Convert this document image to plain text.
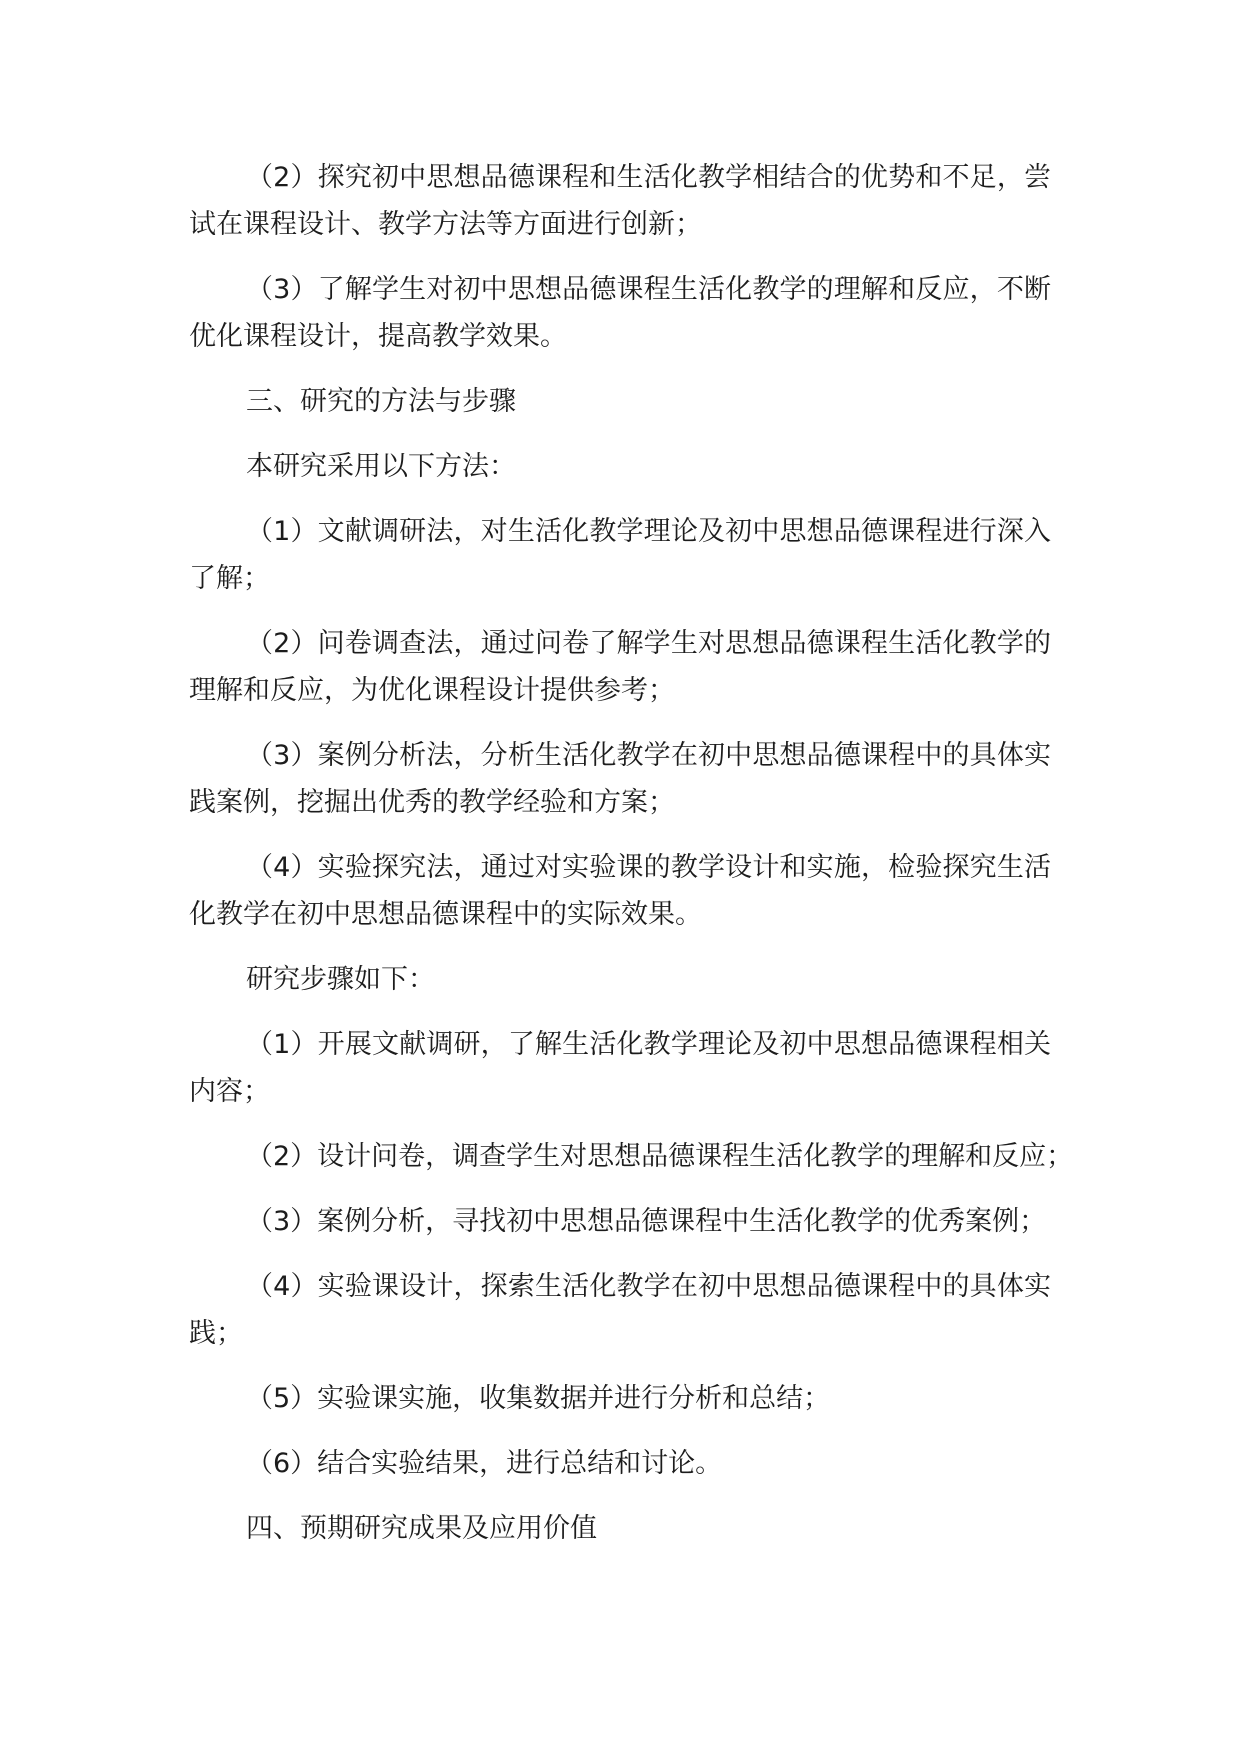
（2）探究初中思想品德课程和生活化教学相结合的优势和不足，尝
试在课程设计、教学方法等方面进行创新；
（3）了解学生对初中思想品德课程生活化教学的理解和反应，不断
优化课程设计，提高教学效果。
三、研究的方法与步骤
本研究采用以下方法：
（1）文献调研法，对生活化教学理论及初中思想品德课程进行深入
了解；
（2）问卷调查法，通过问卷了解学生对思想品德课程生活化教学的
理解和反应，为优化课程设计提供参考；
（3）案例分析法，分析生活化教学在初中思想品德课程中的具体实
践案例，挖掘出优秀的教学经验和方案；
（4）实验探究法，通过对实验课的教学设计和实施，检验探究生活
化教学在初中思想品德课程中的实际效果。
研究步骤如下：
（1）开展文献调研，了解生活化教学理论及初中思想品德课程相关
内容；
（2）设计问卷，调查学生对思想品德课程生活化教学的理解和反应；
（3）案例分析，寻找初中思想品德课程中生活化教学的优秀案例；
（4）实验课设计，探索生活化教学在初中思想品德课程中的具体实
践；
（5）实验课实施，收集数据并进行分析和总结；
（6）结合实验结果，进行总结和讨论。
四、预期研究成果及应用价值
